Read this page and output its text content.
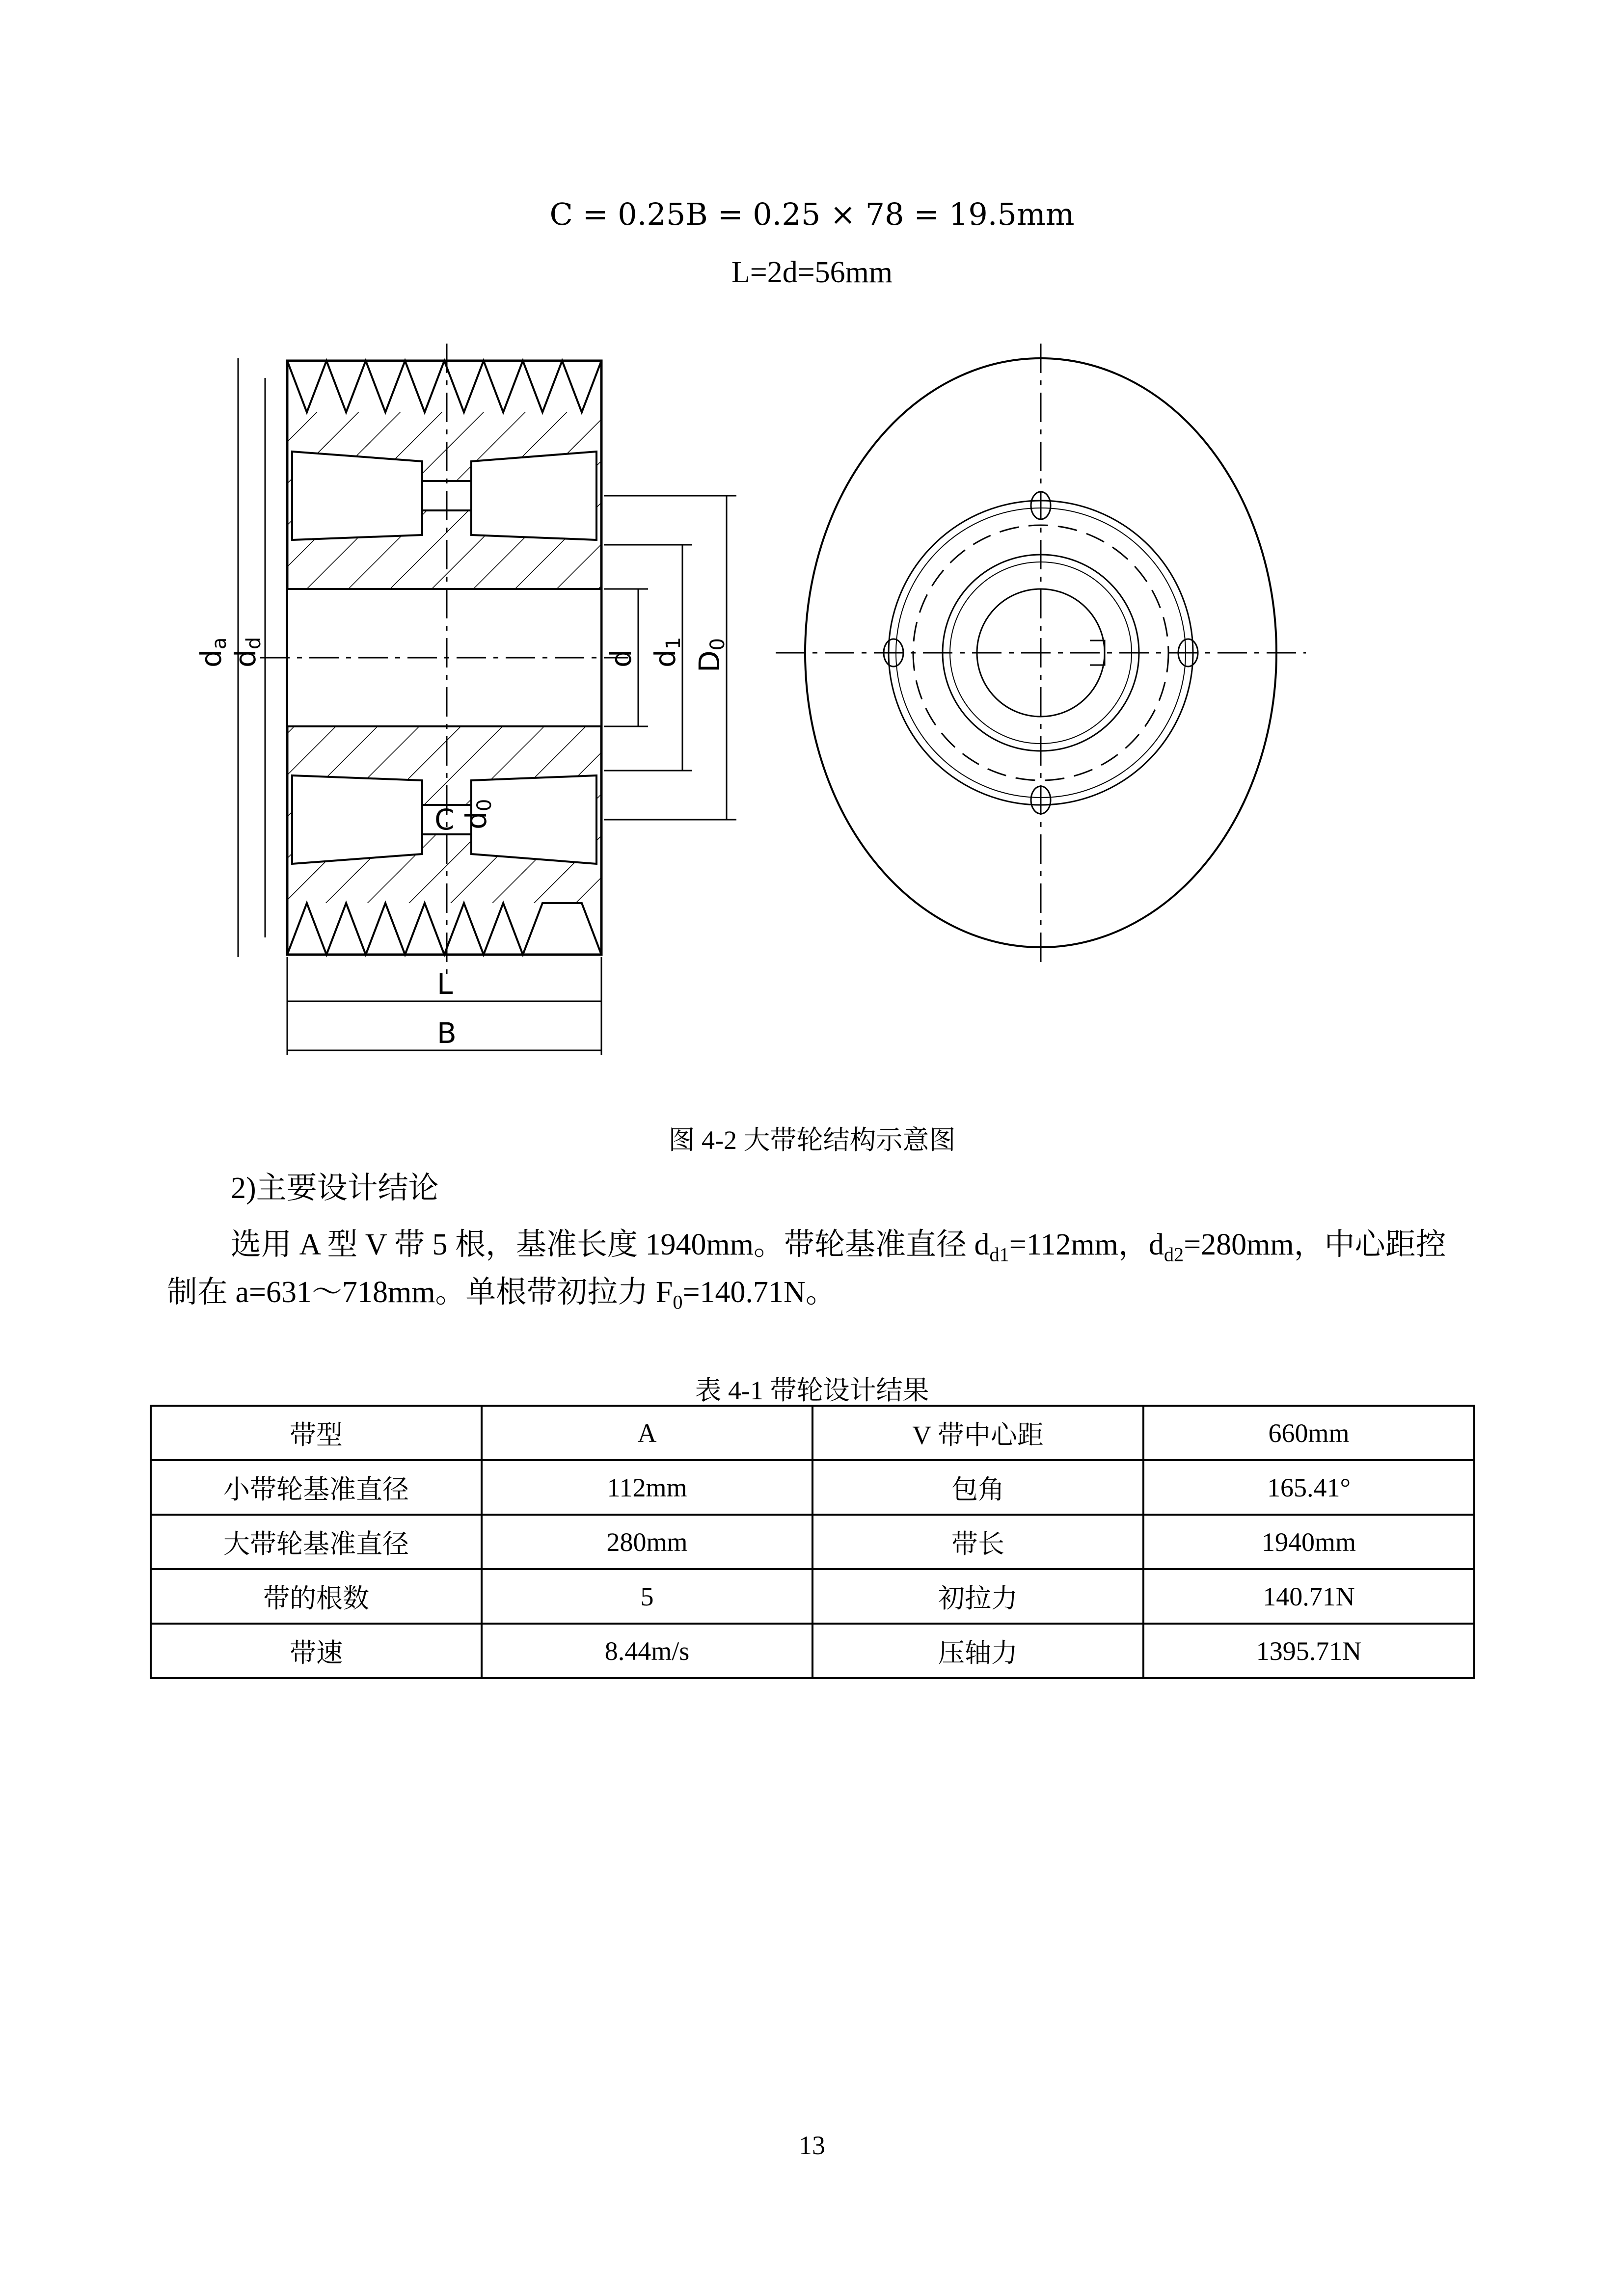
C = 0.25B = 0.25 × 78 = 19.5mm
L=2d=56mm
da
dd
d d1
D0
C d0
L
B
图 4-2 大带轮结构示意图
2)主要设计结论
选用 A 型 V 带 5 根，基准长度 1940mm。带轮基准直径 $d_{d1}=112mm$，$d_{d2}=280mm$，中心距控制在 a=631～718mm。单根带初拉力 $F_0=140.71N$。
表 4-1 带轮设计结果
带型	A	V 带中心距	660mm
小带轮基准直径	112mm	包角	165.41°
大带轮基准直径	280mm	带长	1940mm
带的根数	5	初拉力	140.71N
带速	8.44m/s	压轴力	1395.71N
13
